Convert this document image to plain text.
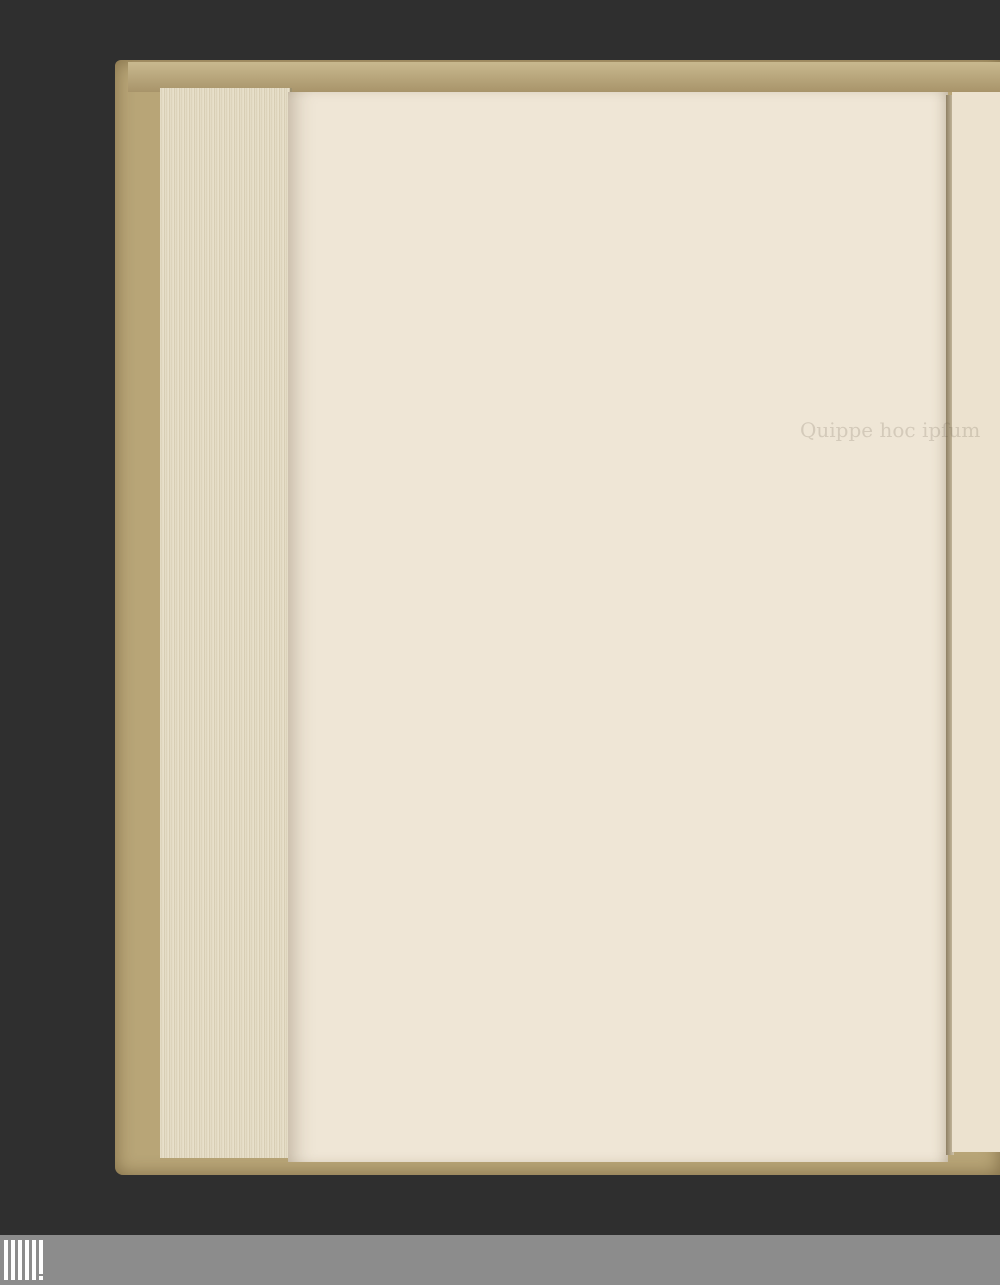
Quippe hoc ipſum
